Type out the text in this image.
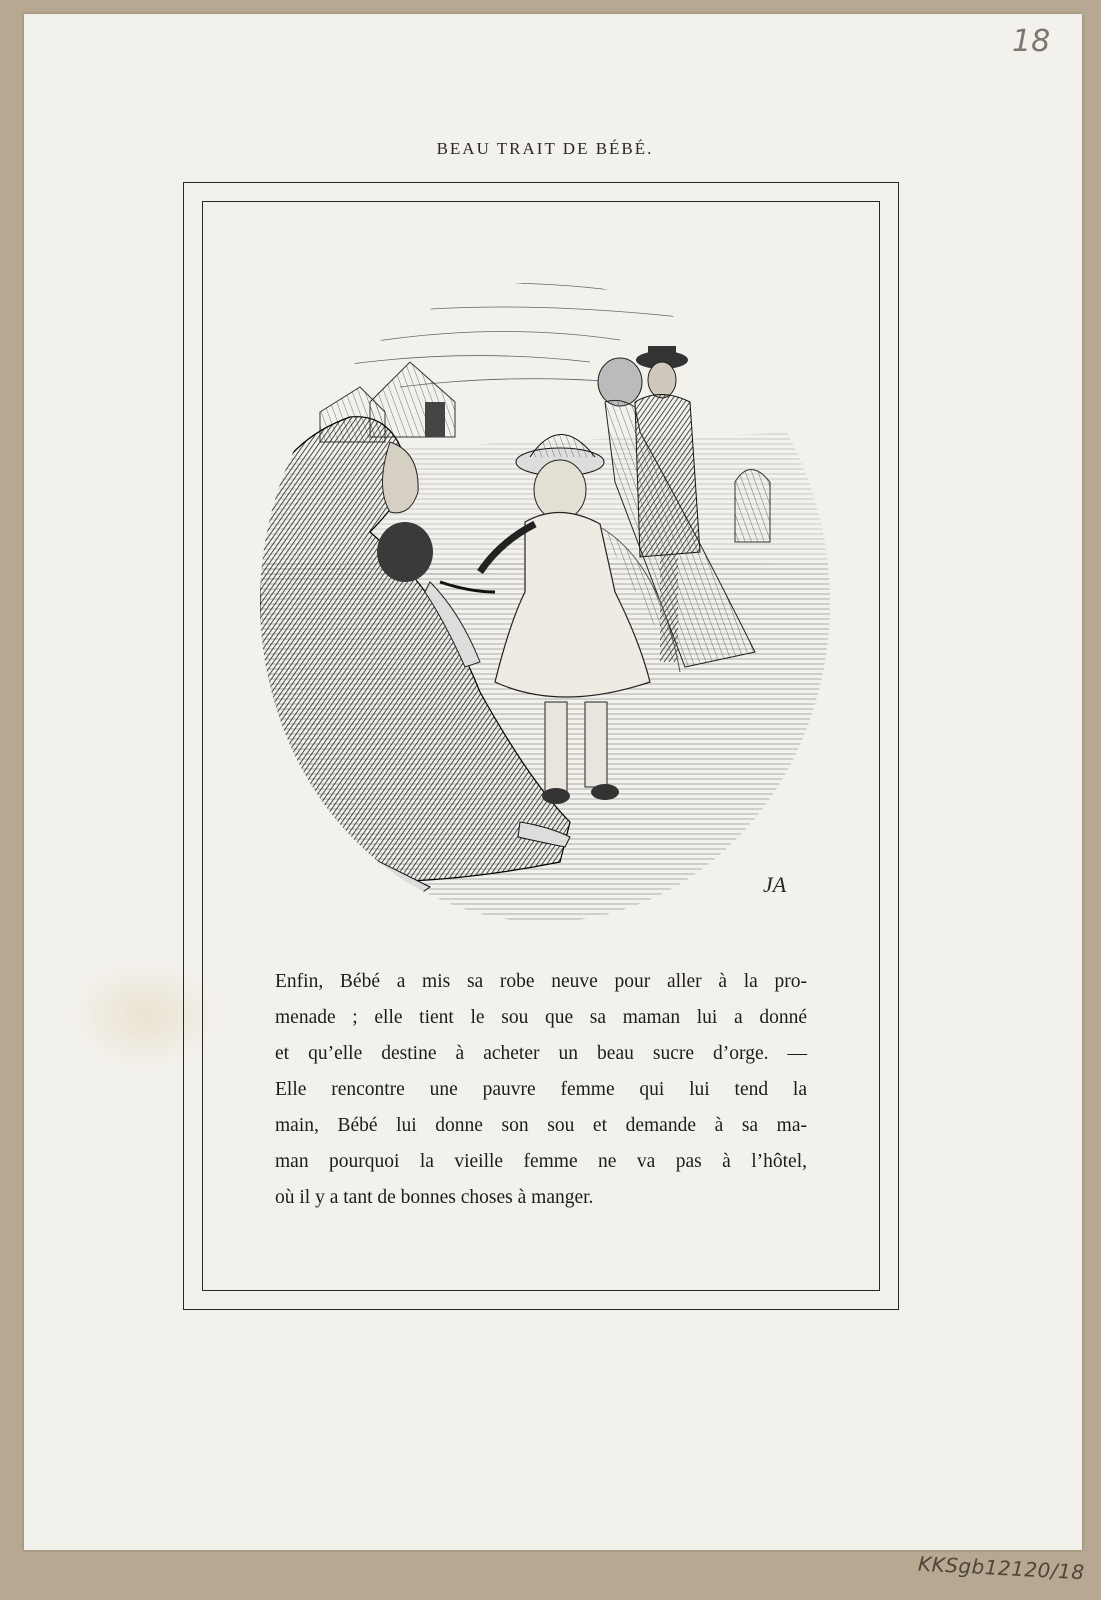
18
BEAU TRAIT DE BÉBÉ.
JA
Enfin, Bébé a mis sa robe neuve pour aller à la pro-
menade ; elle tient le sou que sa maman lui a donné
et qu’elle destine à acheter un beau sucre d’orge. —
Elle rencontre une pauvre femme qui lui tend la
main, Bébé lui donne son sou et demande à sa ma-
man pourquoi la vieille femme ne va pas à l’hôtel,
où il y a tant de bonnes choses à manger.
KKSgb12120/18
